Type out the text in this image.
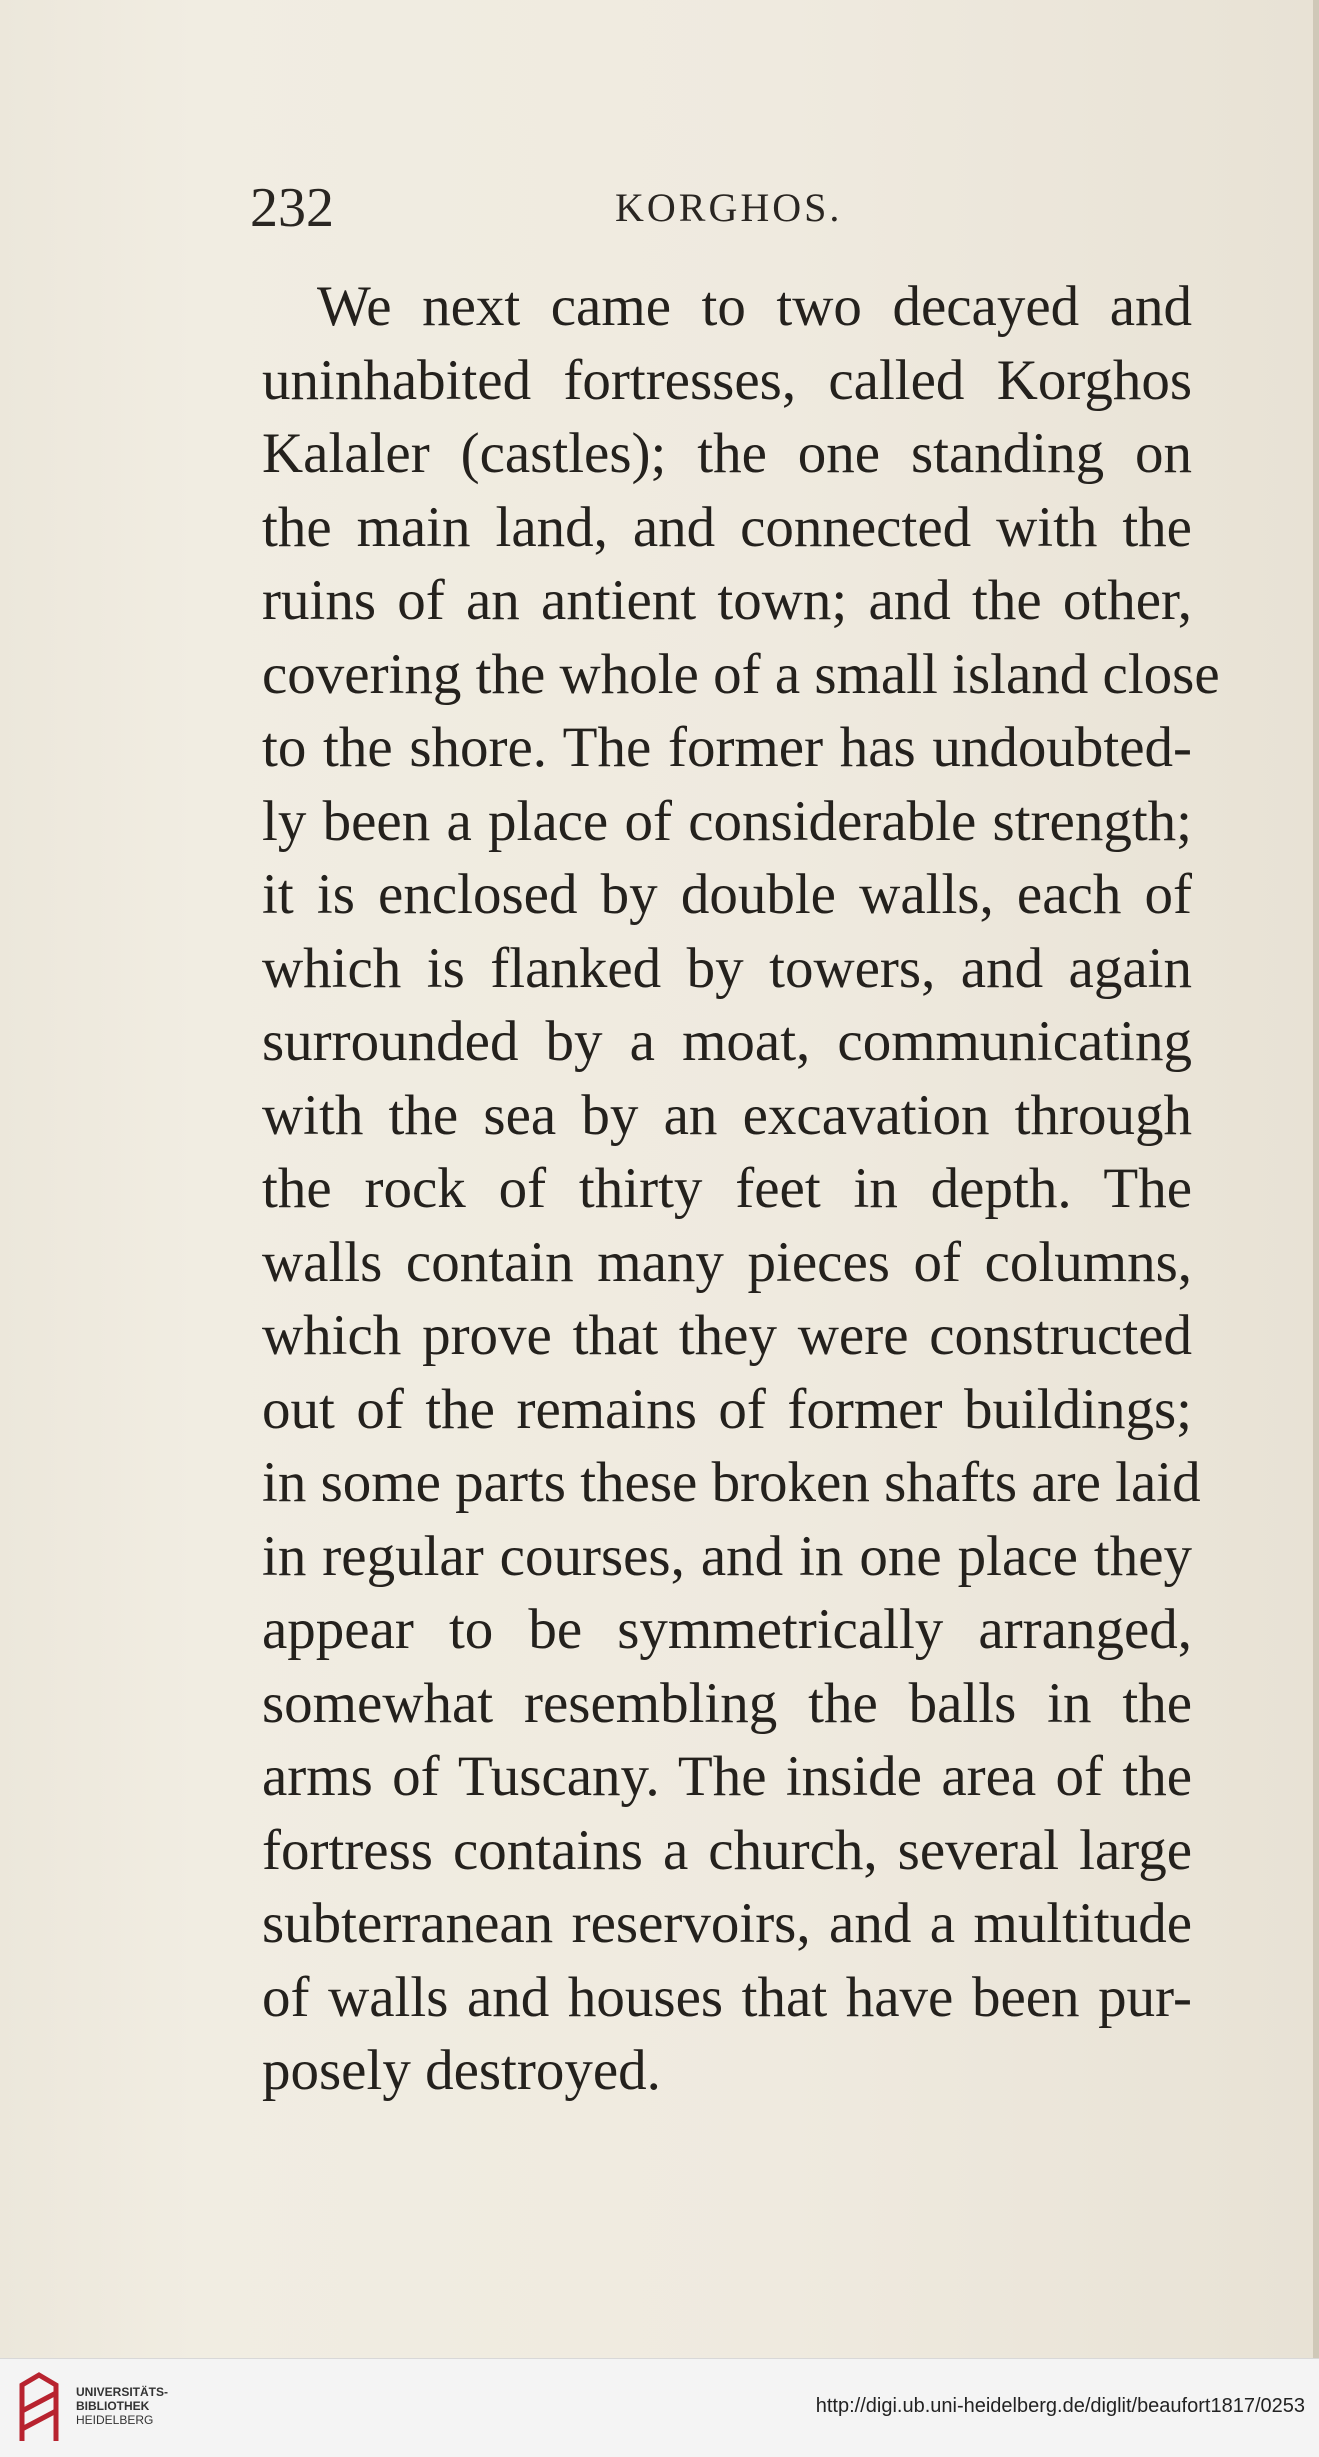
232	KORGHOS.

We next came to two decayed and
uninhabited fortresses, called Korghos
Kalaler (castles); the one standing on
the main land, and connected with the
ruins of an antient town; and the other,
covering the whole of a small island close
to the shore. The former has undoubted-
ly been a place of considerable strength;
it is enclosed by double walls, each of
which is flanked by towers, and again
surrounded by a moat, communicating
with the sea by an excavation through
the rock of thirty feet in depth. The
walls contain many pieces of columns,
which prove that they were constructed
out of the remains of former buildings;
in some parts these broken shafts are laid
in regular courses, and in one place they
appear to be symmetrically arranged,
somewhat resembling the balls in the
arms of Tuscany. The inside area of the
fortress contains a church, several large
subterranean reservoirs, and a multitude
of walls and houses that have been pur-
posely destroyed.

UNIVERSITÄTS-
BIBLIOTHEK
HEIDELBERG
http://digi.ub.uni-heidelberg.de/diglit/beaufort1817/0253
